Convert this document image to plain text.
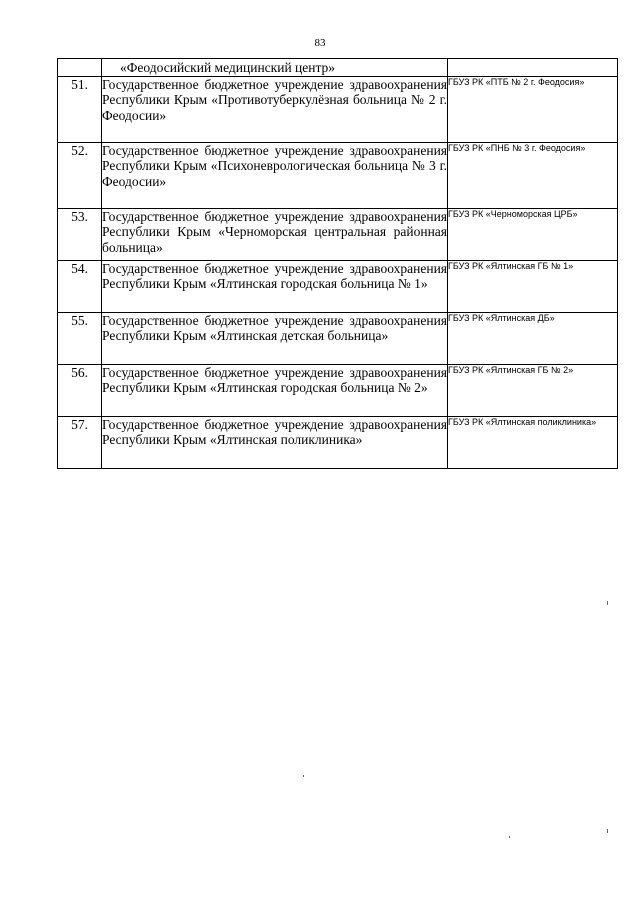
83
	«Феодосийский медицинский центр»	
51.	Государственное бюджетное учреждение здравоохранения Республики Крым «Противотуберкулёзная больница № 2 г. Феодосии»	ГБУЗ РК «ПТБ № 2 г. Феодосия»
52.	Государственное бюджетное учреждение здравоохранения Республики Крым «Психоневрологическая больница № 3 г. Феодосии»	ГБУЗ РК «ПНБ № 3 г. Феодосия»
53.	Государственное бюджетное учреждение здравоохранения Республики Крым «Черноморская центральная районная больница»	ГБУЗ РК «Черноморская ЦРБ»
54.	Государственное бюджетное учреждение здравоохранения Республики Крым «Ялтинская городская больница № 1»	ГБУЗ РК «Ялтинская ГБ № 1»
55.	Государственное бюджетное учреждение здравоохранения Республики Крым «Ялтинская детская больница»	ГБУЗ РК «Ялтинская ДБ»
56.	Государственное бюджетное учреждение здравоохранения Республики Крым «Ялтинская городская больница № 2»	ГБУЗ РК «Ялтинская ГБ № 2»
57.	Государственное бюджетное учреждение здравоохранения Республики Крым «Ялтинская поликлиника»	ГБУЗ РК «Ялтинская поликлиника»
